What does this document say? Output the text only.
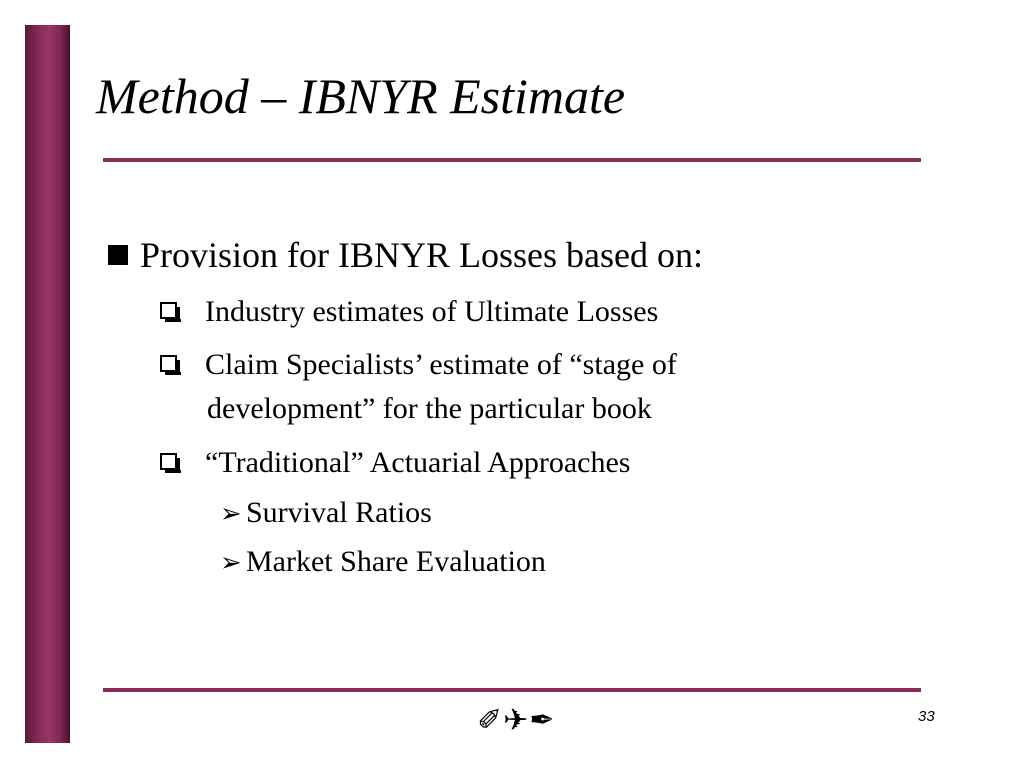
Method – IBNYR Estimate
Provision for IBNYR Losses based on:
Industry estimates of Ultimate Losses
Claim Specialists’ estimate of “stage of
development” for the particular book
“Traditional” Actuarial Approaches
➢ Survival Ratios
➢ Market Share Evaluation
✐✈✒	33
